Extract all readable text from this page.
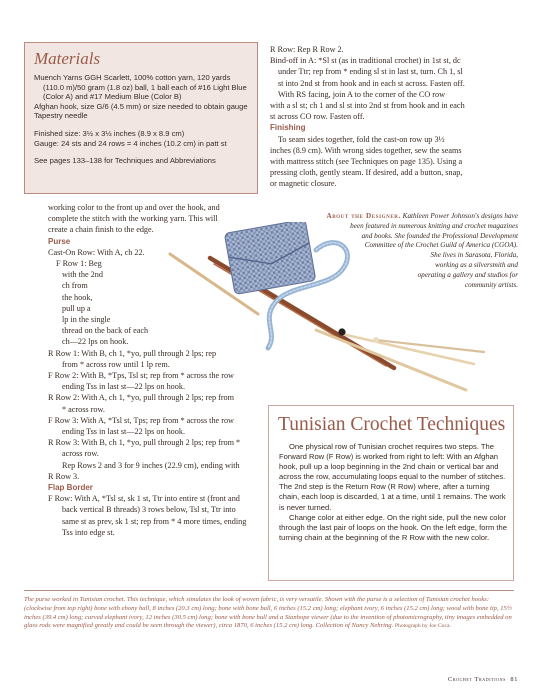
Materials

Muench Yarns GGH Scarlett, 100% cotton yarn, 120 yards

(110.0 m)/50 gram (1.8 oz) ball, 1 ball each of #16 Light Blue

(Color A) and #17 Medium Blue (Color B)

Afghan hook, size G/6 (4.5 mm) or size needed to obtain gauge

Tapestry needle

Finished size: 3½ x 3½ inches (8.9 x 8.9 cm)

Gauge: 24 sts and 24 rows = 4 inches (10.2 cm) in patt st

See pages 133–138 for Techniques and Abbreviations

R Row: Rep R Row 2.

Bind-off in A: *Sl st (as in traditional crochet) in 1st st, dc

under Ttr; rep from * ending sl st in last st, turn. Ch 1, sl

st into 2nd st from hook and in each st across. Fasten off.

With RS facing, join A to the corner of the CO row

with a sl st; ch 1 and sl st into 2nd st from hook and in each

st across CO row. Fasten off.

Finishing

To seam sides together, fold the cast-on row up 3½

inches (8.9 cm). With wrong sides together, sew the seams

with mattress stitch (see Techniques on page 135). Using a

pressing cloth, gently steam. If desired, add a button, snap,

or magnetic closure.

About the Designer. Kathleen Power Johnson's designs have
been featured in numerous knitting and crochet magazines
and books. She founded the Professional Development
Committee of the Crochet Guild of America (CGOA).
She lives in Sarasota, Florida,
working as a silversmith and
operating a gallery and studios for
community artists.

working color to the front up and over the hook, and

complete the stitch with the working yarn. This will

create a chain finish to the edge.

Purse

Cast-On Row: With A, ch 22.

F Row 1: Beg

with the 2nd

ch from

the hook,

pull up a

lp in the single

thread on the back of each

ch—22 lps on hook.

R Row 1: With B, ch 1, *yo, pull through 2 lps; rep

from * across row until 1 lp rem.

F Row 2: With B, *Tps, Tsl st; rep from * across the row

ending Tss in last st—22 lps on hook.

R Row 2: With A, ch 1, *yo, pull through 2 lps; rep from

* across row.

F Row 3: With A, *Tsl st, Tps; rep from * across the row

ending Tss in last st—22 lps on hook.

R Row 3: With B, ch 1, *yo, pull through 2 lps; rep from *

across row.

Rep Rows 2 and 3 for 9 inches (22.9 cm), ending with

R Row 3.

Flap Border

F Row: With A, *Tsl st, sk 1 st, Ttr into entire st (front and

back vertical B threads) 3 rows below, Tsl st, Ttr into

same st as prev, sk 1 st; rep from * 4 more times, ending

Tss into edge st.

Tunisian Crochet Techniques

One physical row of Tunisian crochet requires two steps. The Forward Row (F Row) is worked from right to left: With an Afghan hook, pull up a loop beginning in the 2nd chain or vertical bar and across the row, accumulating loops equal to the number of stitches. The 2nd step is the Return Row (R Row) where, after a turning chain, each loop is discarded, 1 at a time, until 1 remains. The work is never turned.

Change color at either edge. On the right side, pull the new color through the last pair of loops on the hook. On the left edge, form the turning chain at the beginning of the R Row with the new color.

The purse worked in Tunisian crochet. This technique, which simulates the look of woven fabric, is very versatile. Shown with the purse is a selection of Tunisian crochet hooks: (clockwise from top right) bone with ebony ball, 8 inches (20.3 cm) long; bone with bone ball, 6 inches (15.2 cm) long; elephant ivory, 6 inches (15.2 cm) long; wood with bone tip, 15½ inches (39.4 cm) long; carved elephant ivory, 12 inches (30.5 cm) long; bone with bone ball and a Stanhope viewer (due to the invention of photomicrography, tiny images embedded on glass rods were magnified greatly and could be seen through the viewer), circa 1870, 6 inches (15.2 cm) long. Collection of Nancy Nehring. Photograph by Joe Coca.
Crochet Traditions 81
